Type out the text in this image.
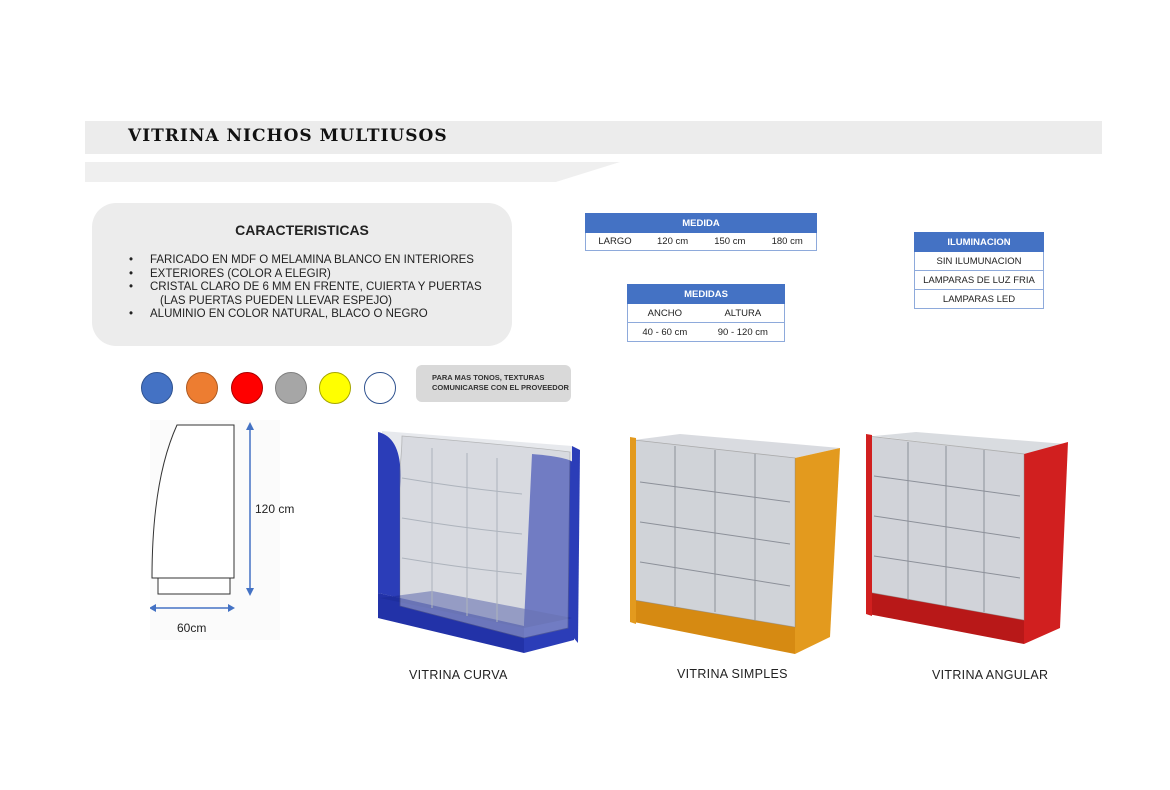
VITRINA NICHOS MULTIUSOS
CARACTERISTICAS
• FARICADO EN MDF O MELAMINA BLANCO EN INTERIORES
• EXTERIORES (COLOR A ELEGIR)
• CRISTAL CLARO DE 6 MM EN FRENTE, CUIERTA Y PUERTAS
(LAS PUERTAS PUEDEN LLEVAR ESPEJO)
• ALUMINIO EN COLOR NATURAL, BLACO O NEGRO
PARA MAS TONOS, TEXTURAS
COMUNICARSE CON EL PROVEEDOR
MEDIDA
LARGO	120 cm	150 cm	180 cm
MEDIDAS	
ANCHO	ALTURA
40 - 60 cm	90 - 120 cm
ILUMINACION
SIN ILUMUNACION
LAMPARAS DE LUZ FRIA
LAMPARAS LED
120 cm
60cm
VITRINA CURVA	VITRINA SIMPLES	VITRINA ANGULAR
